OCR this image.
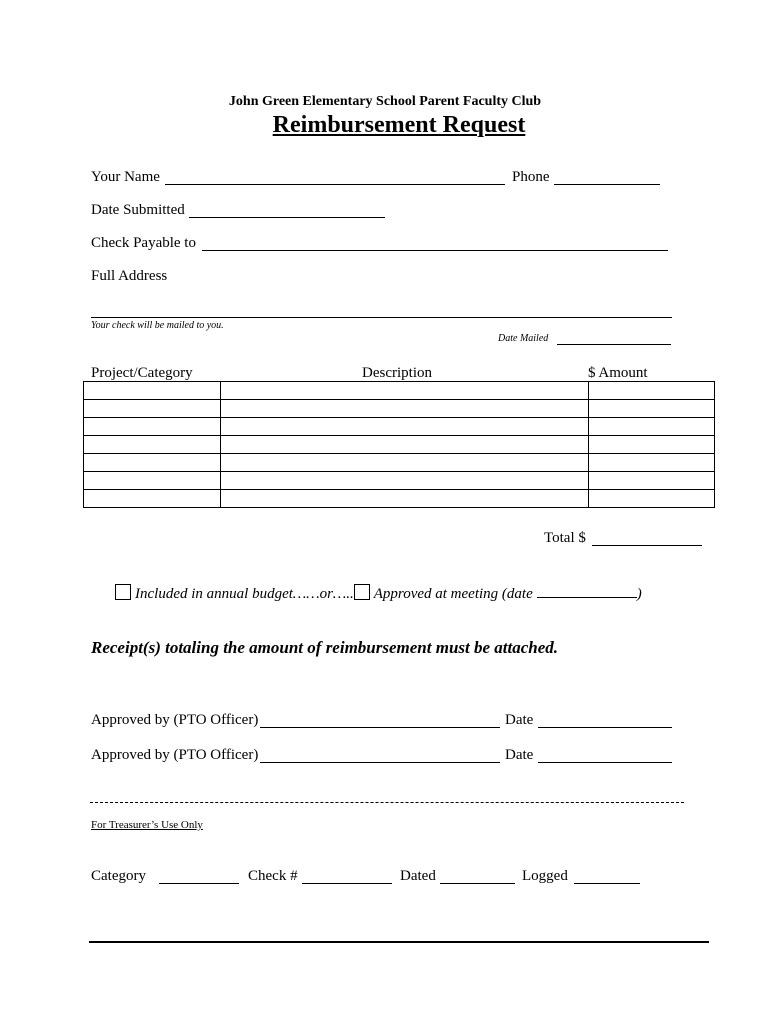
John Green Elementary School Parent Faculty Club
Reimbursement Request
Your Name	Phone
Date Submitted
Check Payable to
Full Address
Your check will be mailed to you.
Date Mailed
Project/Category	Description	$ Amount

Total $
Included in annual budget……or….. Approved at meeting (date	)
Receipt(s) totaling the amount of reimbursement must be attached.
Approved by (PTO Officer)	Date
Approved by (PTO Officer)	Date
For Treasurer’s Use Only
Category	Check #	Dated	Logged
